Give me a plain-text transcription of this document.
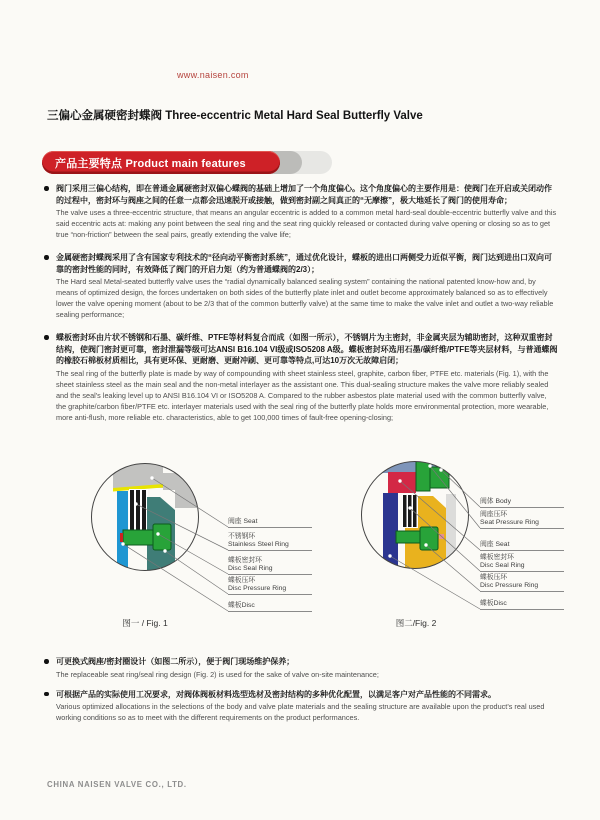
www.naisen.com
三偏心金属硬密封蝶阀 Three-eccentric Metal Hard Seal Butterfly Valve
产品主要特点 Product main features

阀门采用三偏心结构，即在普通金属硬密封双偏心蝶阀的基础上增加了一个角度偏心。这个角度偏心的主要作用是：使阀门在开启或关闭动作的过程中，密封环与阀座之间的任意一点都会迅速脱开或接触，做到密封副之间真正的“无摩擦”，极大地延长了阀门的使用寿命；

The valve uses a three-eccentric structure, that means an angular eccentric is added to a common metal hard-seal double-eccentric butterfly valve and this said eccentric acts at: making any point between the seal ring and the seat ring quickly released or contacted during valve opening or closing so as to get true “non-friction” between the seal pairs, greatly extending the valve life;

金属硬密封蝶阀采用了含有国家专利技术的“径向动平衡密封系统”，通过优化设计，蝶板的进出口两侧受力近似平衡，阀门达到进出口双向可靠的密封性能的同时，有效降低了阀门的开启力矩（约为普通蝶阀的2/3）；

The Hard seal Metal-seated butterfly valve uses the “radial dynamically balanced sealing system” containing the national patented know-how and, by means of optimized design, the forces undertaken on both sides of the butterfly plate inlet and outlet become approximately balanced so as to effectively lower the valve opening moment (about to be 2/3 that of the common butterfly valve) at the same time to make the valve inlet and outlet a two-way reliable sealing performance;

蝶板密封环由片状不锈钢和石墨、碳纤维、PTFE等材料复合而成（如图一所示），不锈钢片为主密封，非金属夹层为辅助密封，这种双重密封结构，使阀门密封更可靠，密封泄漏等级可达ANSI B16.104 VI级或ISO5208 A级。蝶板密封环选用石墨/碳纤维/PTFE等夹层材料，与普通蝶阀的橡胶石棉板材质相比，具有更环保、更耐磨、更耐冲刷、更可靠等特点,可达10万次无故障启闭；

The seal ring of the butterfly plate is made by way of compounding with sheet stainless steel, graphite, carbon fiber, PTFE etc. materials (Fig. 1), with the sheet stainless steel as the main seal and the non-metal interlayer as the assistant one. This dual-sealing structure makes the valve more reliably sealed and the seal's leaking level up to ANSI B16.104 VI or ISO5208 A. Compared to the rubber asbestos plate material used with the common butterfly valve, the graphite/carbon fiber/PTFE etc. interlayer materials used with the seal ring of the butterfly plate holds more environmental protection, more wearable, more anti-flush, more reliable etc. characteristics, able to get 100,000 times of fault-free opening-closing;

阀座 Seat
不锈钢环
Stainless Steel Ring
蝶板密封环
Disc Seal Ring
蝶板压环
Disc Pressure Ring
蝶板Disc
图一 / Fig. 1
阀体 Body
阀座压环
Seat Pressure Ring
阀座 Seat
蝶板密封环
Disc Seal Ring
蝶板压环
Disc Pressure Ring
蝶板Disc
图二/Fig. 2

可更换式阀座/密封圈设计（如图二所示），便于阀门现场维护保养；

The replaceable seat ring/seal ring design (Fig. 2) is used for the sake of valve on-site maintenance;

可根据产品的实际使用工况要求，对阀体阀板材料选型选材及密封结构的多种优化配置，以满足客户对产品性能的不同需求。

Various optimized allocations in the selections of the body and valve plate materials and the sealing structure are available upon the product's real used working conditions so as to meet with the different requirements on the product performances.

CHINA NAISEN VALVE CO., LTD.
